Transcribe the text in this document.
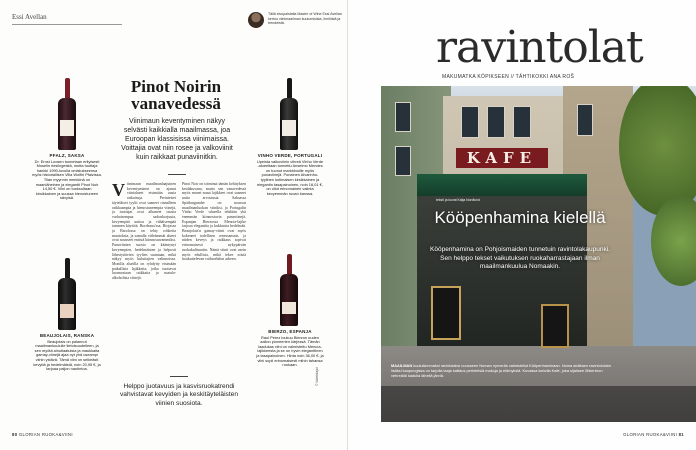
Essi Avellan	Tällä sivupalstalla Master of Wine Essi Avellan kertoo viinimaailman kuulumisista, ilmiöistä ja trendeistä.
PFALZ, SAKSA
Dr. Ernst Loosen tunnetaan erityisesti Moselin rieslingeistä, mutta tuottaja hankki 1990-luvulla omistukseensa myös historiallisen Villa Wolfin Pfalzissa. Tilan myynnin merkkinä on maanläheinen ja elegantti Pinot Noir 14,50 €. Viini on tuoksultaan kirsikkainen ja suussa hienostuneen sävyisä.
BEAUJOLAIS, RANSKA
Beaujolais on palannut maailmankuululle tietoisuudelleen, ja sen myötä ainutlaatuisia ja maukkaita gamay-viinejä ajaa nyt yhä useampi viinin ystävä. Tämä viini on selkeästi kevyttä ja hedelmäistä, noin 20,95 €, ja tarjoaa paljon nautintoa.
Pinot Noirin vanavedessä
Viinimaun keventyminen näkyy selvästi kaikkialla maailmassa, joa Euroopan klassisissa viinimaissa. Voittajia ovat niin rosee ja valkoviinit kuin raikkaat punaviinitkin.
Viinimaun maailmanlaajuinen keventyminen on ajanut viinialueet etsimään uusia ratkaisuja. Perinteiset täyteläiset tyylit ovat saaneet rinnalleen raikkaampia ja hienostuneempia viinejä, ja tuottajat ovat alkaneet suosia varhaisempaa sadonkorjuuta, kevyempää uuttoa ja vähäisempää tammen käyttöä. Bordeaux'ssa, Riojassa ja Barolossa on tehty rohkeita muutoksia, ja samalla viileämmät alueet ovat nousseet entistä kiinnostavammiksi. Punaviinien suosio on kääntynyt kevyempien, hedelmäisten ja helposti lähestyttävien tyylien suuntaan, mikä näkyy myös kuluttajien valinnoissa. Monilla alueilla on ryhdytty etsimään paikallisia lajikkeita, jotka tuottavat luonnostaan raikkaita ja matala-alkoholisia viinejä.
Pinot Noir on toiminut tämän kehityksen keulakuvana, mutta sen vanavedessä myös monet muut lajikkeet ovat saaneet uutta arvostusta. Saksassa Spätburgunder on noussut maailmanluokan viiniksi, ja Portugalin Vinho Verde -alueella tehdään yhä enemmän kiinnostavia punaviinejä. Espanjan Bierzossa Mencía-lajike tarjoaa eleganttia ja kukkaista hedelmää. Beaujolais'n gamay-viinit ovat myös kokeneet todellisen renessanssin, ja niiden keveys ja raikkaus sopivat erinomaisesti nykypäivän ruokakulttuuriin. Nämä viinit ovat usein myös edullisia, mikä tekee niistä houkuttelevan vaihtoehdon arkeen.
Helppo juotavuus ja kasvisruokatrendi vahvistavat kevyiden ja keskitäyteläisten viinien suosiota.
VINHO VERDE, PORTUGALI
Upeista valkoviinin vihreä Vinho Verde -alueeltaan tunnettu Anselmo Mendes on tuonut markkinoille myös punaviinejä. Punainen Alvarinho-tyylinen kotimaisen kirsikkainen ja elegantin tasapainoinen, noin 16,01 €, on ollut erinomainen valinta kevyemmän ruoan kanssa.
BIERZO, ESPANJA
Raul Perez loukuu Bierzon uuden aallon pioneerien kärjessä. Tämän laadukas viini on valmistettu Mencía-lajikkeesta ja se on hyvin eleganttinen ja tasapainoinen. Hinta noin 36,00 €, ja viini sopii erinomaisesti mihin tahansa ruokaan.
© Valmistajat
80 GLORIAN RUOKA&VIINI
ravintolat
MAKUMATKA KÖPIKSEEN // TÄHTIKOKKI ANA ROŠ
KAFE
teksti ja kuvat Katja Nordlund
Kööpenhamina kielellä
Kööpenhamina on Pohjoismaiden tunnetuin ravintolakaupunki. Sen helppo tekset vaikutuksen ruokaharrastajaan ilman maailmankuulua Nomaakin.
MAAILMAN kuuluisimmaksi ravintolaksi nousseen Noman nyrveräs valmistellut Kööpenhaminaan. Noma aloittaen ravintoloiden lisäksi kaupungissa on tarjolla laaja kattaus perinteisiä makuja ja elämyksiä. Kuvassa kahvila Kafe, joka sijaitsee Østerbron vehreällä kadulla lähellä järviä.
GLORIAN RUOKA&VIINI 81
